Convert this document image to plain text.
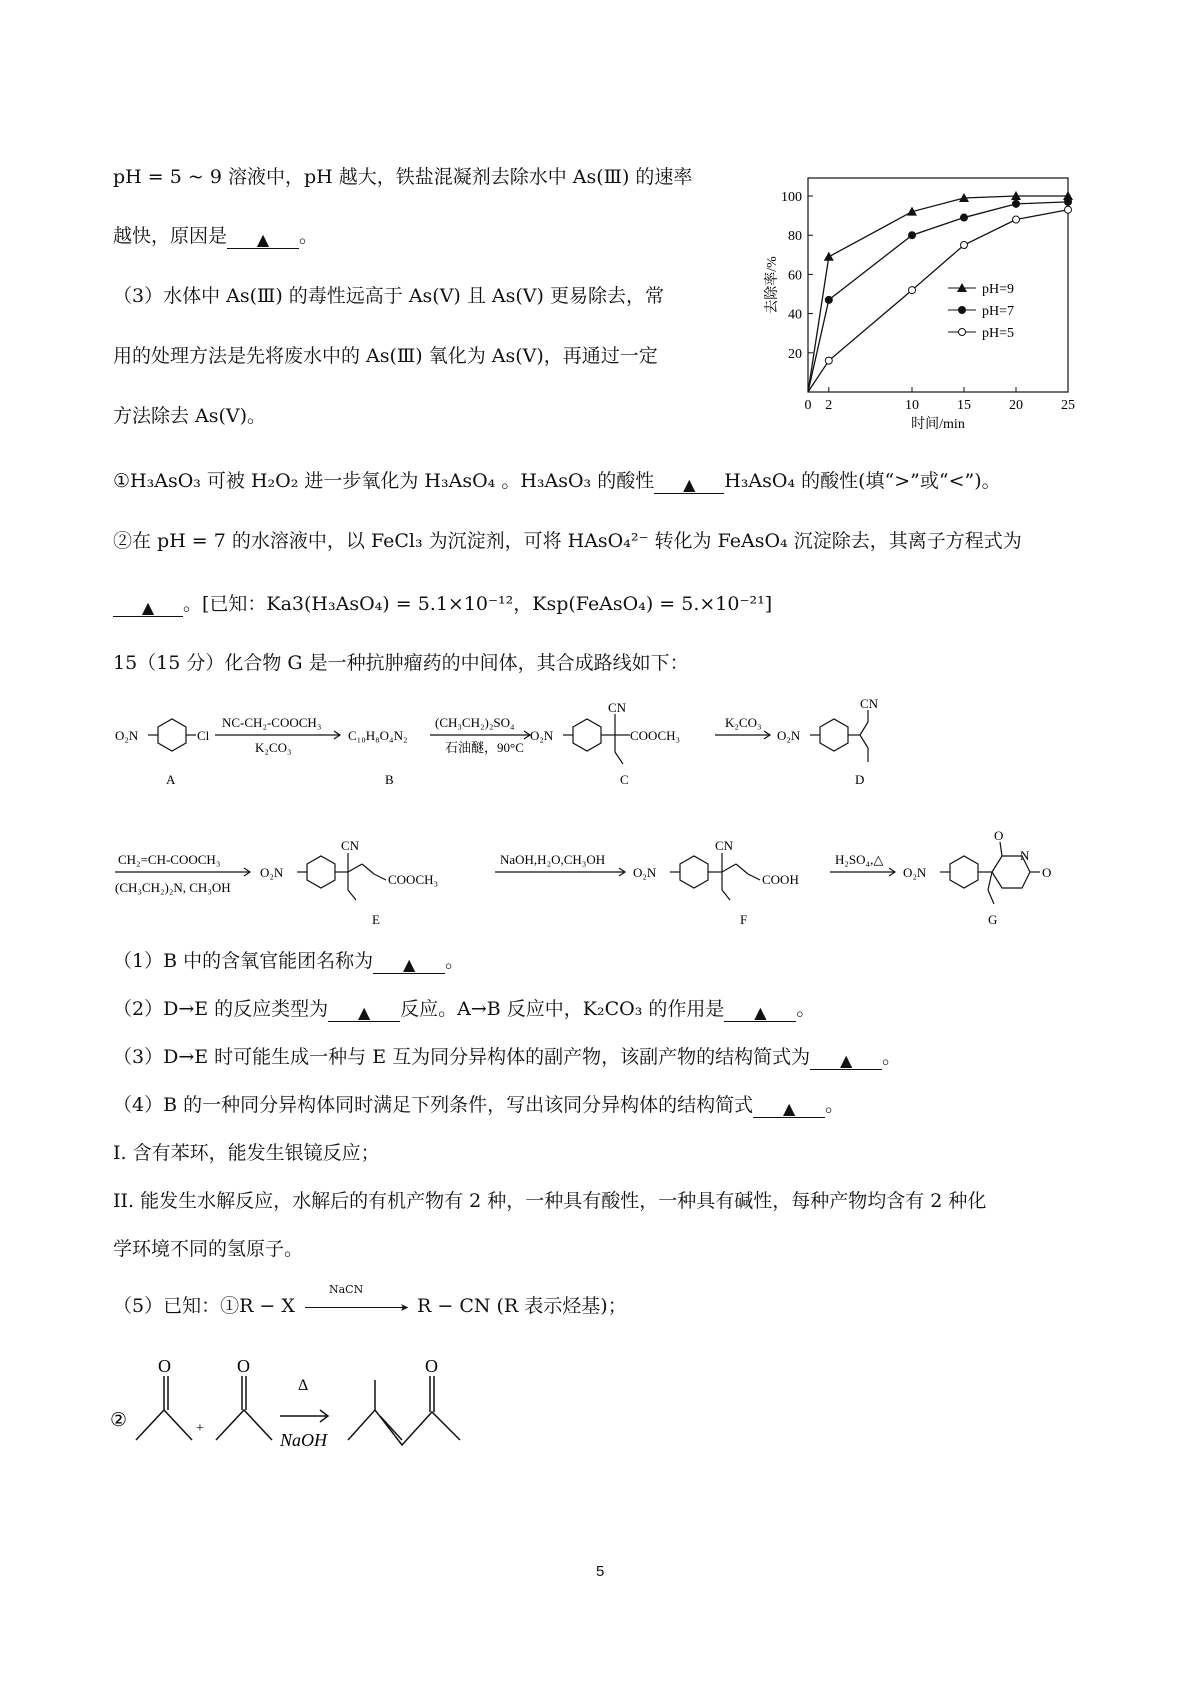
pH = 5 ~ 9 溶液中，pH 越大，铁盐混凝剂去除水中 As(Ⅲ) 的速率
越快，原因是 ▲ 。
（3）水体中 As(Ⅲ) 的毒性远高于 As(Ⅴ) 且 As(Ⅴ) 更易除去，常
用的处理方法是先将废水中的 As(Ⅲ) 氧化为 As(Ⅴ)，再通过一定
方法除去 As(Ⅴ)。
①H₃AsO₃ 可被 H₂O₂ 进一步氧化为 H₃AsO₄ 。H₃AsO₃ 的酸性 ▲ H₃AsO₄ 的酸性(填“>”或“<”)。
②在 pH = 7 的水溶液中，以 FeCl₃ 为沉淀剂，可将 HAsO₄²⁻ 转化为 FeAsO₄ 沉淀除去，其离子方程式为
▲ 。[已知：Ka3(H₃AsO₄) = 5.1×10⁻¹²，Ksp(FeAsO₄) = 5.×10⁻²¹]
0 2	10	15	20	25
20
40
60
80
100
时间/min
去除率/%	pH=9
pH=7
pH=5
15（15 分）化合物 G 是一种抗肿瘤药的中间体，其合成路线如下：
O₂N	Cl
NC-CH₂-COOCH₃
K₂CO₃
C₁₀H₈O₄N₂
(CH₃CH₂)₂SO₄
石油醚，90°C
O₂N
CN
COOCH₃
K₂CO₃
O₂N
CN
A	B	C	D
CH₂=CH-COOCH₃
(CH₃CH₂)₂N, CH₃OH
O₂N
CN
COOCH₃
NaOH,H₂O,CH₃OH
O₂N
CN
COOH
H₂SO₄,△
O₂N
O
N
O
E	F	G
（1）B 中的含氧官能团名称为 ▲ 。
（2）D→E 的反应类型为 ▲ 反应。A→B 反应中，K₂CO₃ 的作用是 ▲ 。
（3）D→E 时可能生成一种与 E 互为同分异构体的副产物，该副产物的结构简式为 ▲ 。
（4）B 的一种同分异构体同时满足下列条件，写出该同分异构体的结构简式 ▲ 。
I. 含有苯环，能发生银镜反应；
II. 能发生水解反应，水解后的有机产物有 2 种，一种具有酸性，一种具有碱性，每种产物均含有 2 种化
学环境不同的氢原子。
（5）已知：①R − X
NaCN
➤ R − CN (R 表示烃基)；
②	+
O	O	O
Δ
NaOH
5
